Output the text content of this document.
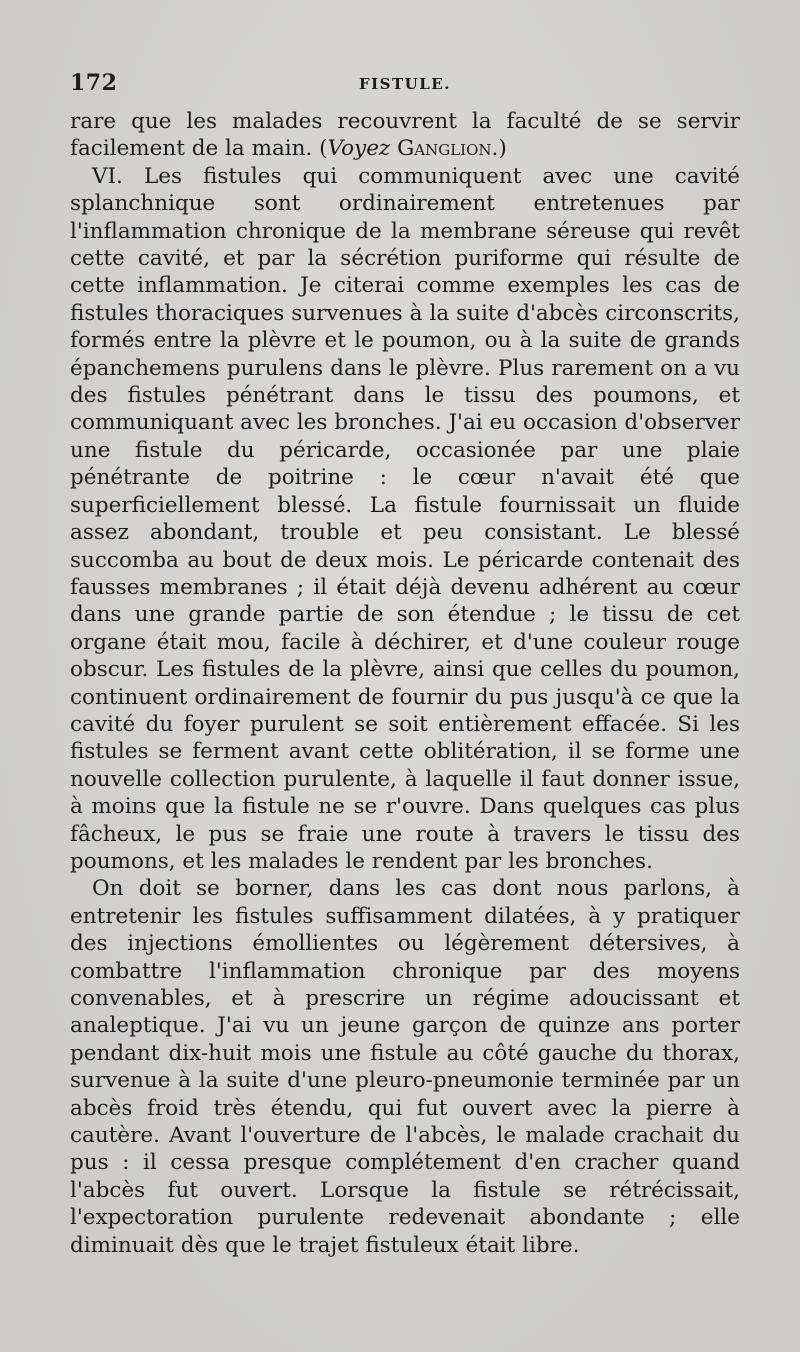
172	FISTULE.

rare que les malades recouvrent la faculté de se servir facilement de la main. (Voyez Ganglion.)

VI. Les fistules qui communiquent avec une cavité splanchnique sont ordinairement entretenues par l'inflammation chronique de la membrane séreuse qui revêt cette cavité, et par la sécrétion puriforme qui résulte de cette inflammation. Je citerai comme exemples les cas de fistules thoraciques survenues à la suite d'abcès circonscrits, formés entre la plèvre et le poumon, ou à la suite de grands épanchemens purulens dans le plèvre. Plus rarement on a vu des fistules pénétrant dans le tissu des poumons, et communiquant avec les bronches. J'ai eu occasion d'observer une fistule du péricarde, occasionée par une plaie pénétrante de poitrine : le cœur n'avait été que superficiellement blessé. La fistule fournissait un fluide assez abondant, trouble et peu consistant. Le blessé succomba au bout de deux mois. Le péricarde contenait des fausses membranes ; il était déjà devenu adhérent au cœur dans une grande partie de son étendue ; le tissu de cet organe était mou, facile à déchirer, et d'une couleur rouge obscur. Les fistules de la plèvre, ainsi que celles du poumon, continuent ordinairement de fournir du pus jusqu'à ce que la cavité du foyer purulent se soit entièrement effacée. Si les fistules se ferment avant cette oblitération, il se forme une nouvelle collection purulente, à laquelle il faut donner issue, à moins que la fistule ne se r'ouvre. Dans quelques cas plus fâcheux, le pus se fraie une route à travers le tissu des poumons, et les malades le rendent par les bronches.

On doit se borner, dans les cas dont nous parlons, à entretenir les fistules suffisamment dilatées, à y pratiquer des injections émollientes ou légèrement détersives, à combattre l'inflammation chronique par des moyens convenables, et à prescrire un régime adoucissant et analeptique. J'ai vu un jeune garçon de quinze ans porter pendant dix-huit mois une fistule au côté gauche du thorax, survenue à la suite d'une pleuro-pneumonie terminée par un abcès froid très étendu, qui fut ouvert avec la pierre à cautère. Avant l'ouverture de l'abcès, le malade crachait du pus : il cessa presque complétement d'en cracher quand l'abcès fut ouvert. Lorsque la fistule se rétrécissait, l'expectoration purulente redevenait abondante ; elle diminuait dès que le trajet fistuleux était libre.
